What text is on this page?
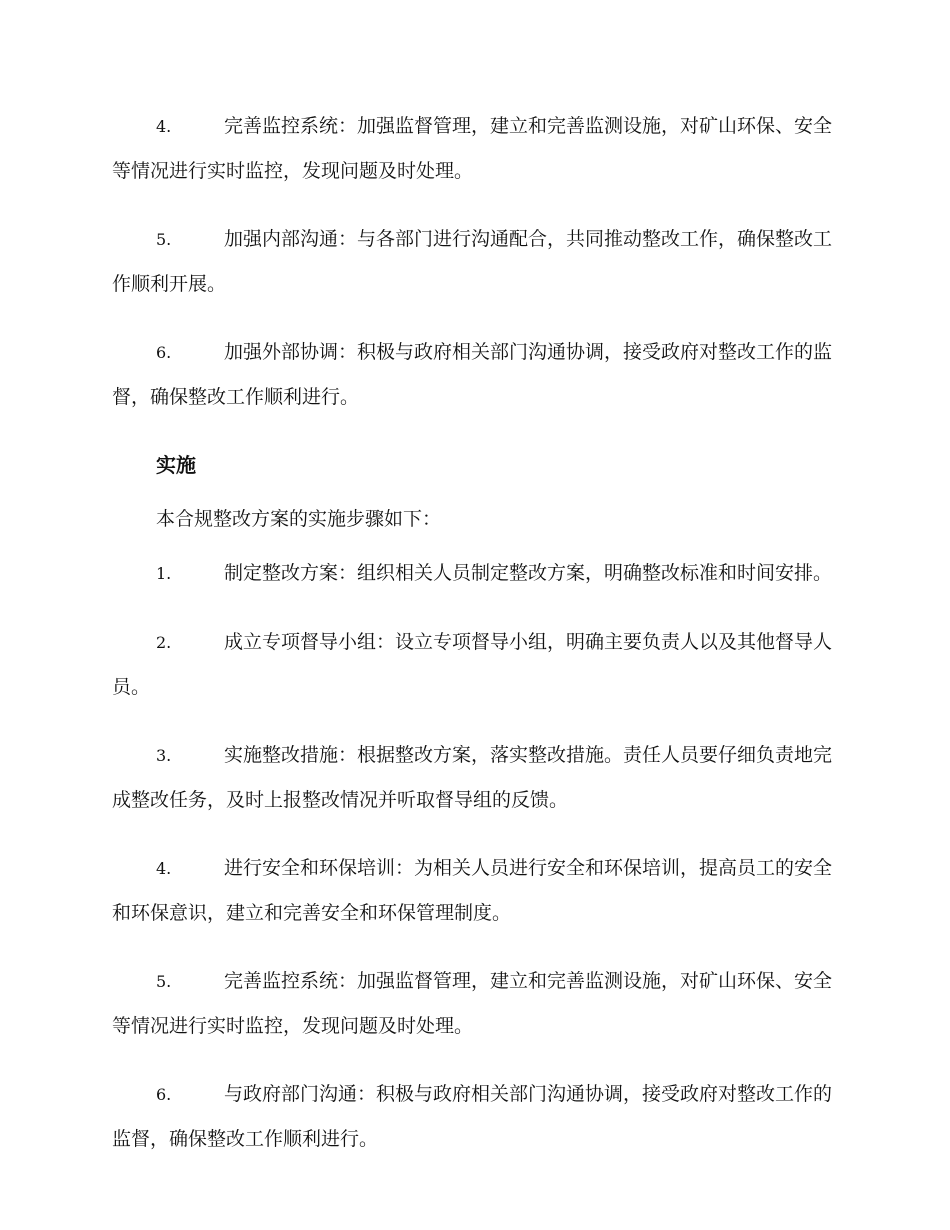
4.	完善监控系统：加强监督管理，建立和完善监测设施，对矿山环保、安全等情况进行实时监控，发现问题及时处理。

5.	加强内部沟通：与各部门进行沟通配合，共同推动整改工作，确保整改工作顺利开展。

6.	加强外部协调：积极与政府相关部门沟通协调，接受政府对整改工作的监督，确保整改工作顺利进行。

实施

本合规整改方案的实施步骤如下：

1.	制定整改方案：组织相关人员制定整改方案，明确整改标准和时间安排。

2.	成立专项督导小组：设立专项督导小组，明确主要负责人以及其他督导人员。

3.	实施整改措施：根据整改方案，落实整改措施。责任人员要仔细负责地完成整改任务，及时上报整改情况并听取督导组的反馈。

4.	进行安全和环保培训：为相关人员进行安全和环保培训，提高员工的安全和环保意识，建立和完善安全和环保管理制度。

5.	完善监控系统：加强监督管理，建立和完善监测设施，对矿山环保、安全等情况进行实时监控，发现问题及时处理。

6.	与政府部门沟通：积极与政府相关部门沟通协调，接受政府对整改工作的监督，确保整改工作顺利进行。
